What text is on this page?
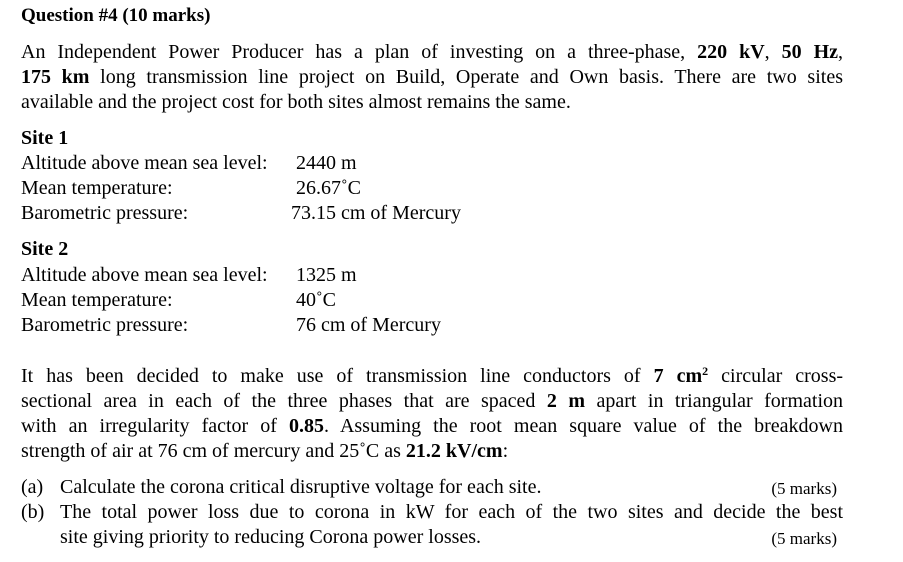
Question #4 (10 marks)
An Independent Power Producer has a plan of investing on a three-phase, 220 kV, 50 Hz,
175 km long transmission line project on Build, Operate and Own basis. There are two sites
available and the project cost for both sites almost remains the same.
Site 1
Altitude above mean sea level: 2440 m
Mean temperature:	26.67˚C
Barometric pressure:	73.15 cm of Mercury
Site 2
Altitude above mean sea level: 1325 m
Mean temperature:	40˚C
Barometric pressure:	76 cm of Mercury
It has been decided to make use of transmission line conductors of 7 $cm^2$ circular cross-
sectional area in each of the three phases that are spaced 2 m apart in triangular formation
with an irregularity factor of 0.85. Assuming the root mean square value of the breakdown
strength of air at 76 cm of mercury and 25˚C as 21.2 kV/cm:
(a) Calculate the corona critical disruptive voltage for each site.	(5 marks)
(b) The total power loss due to corona in kW for each of the two sites and decide the best
site giving priority to reducing Corona power losses.	(5 marks)
